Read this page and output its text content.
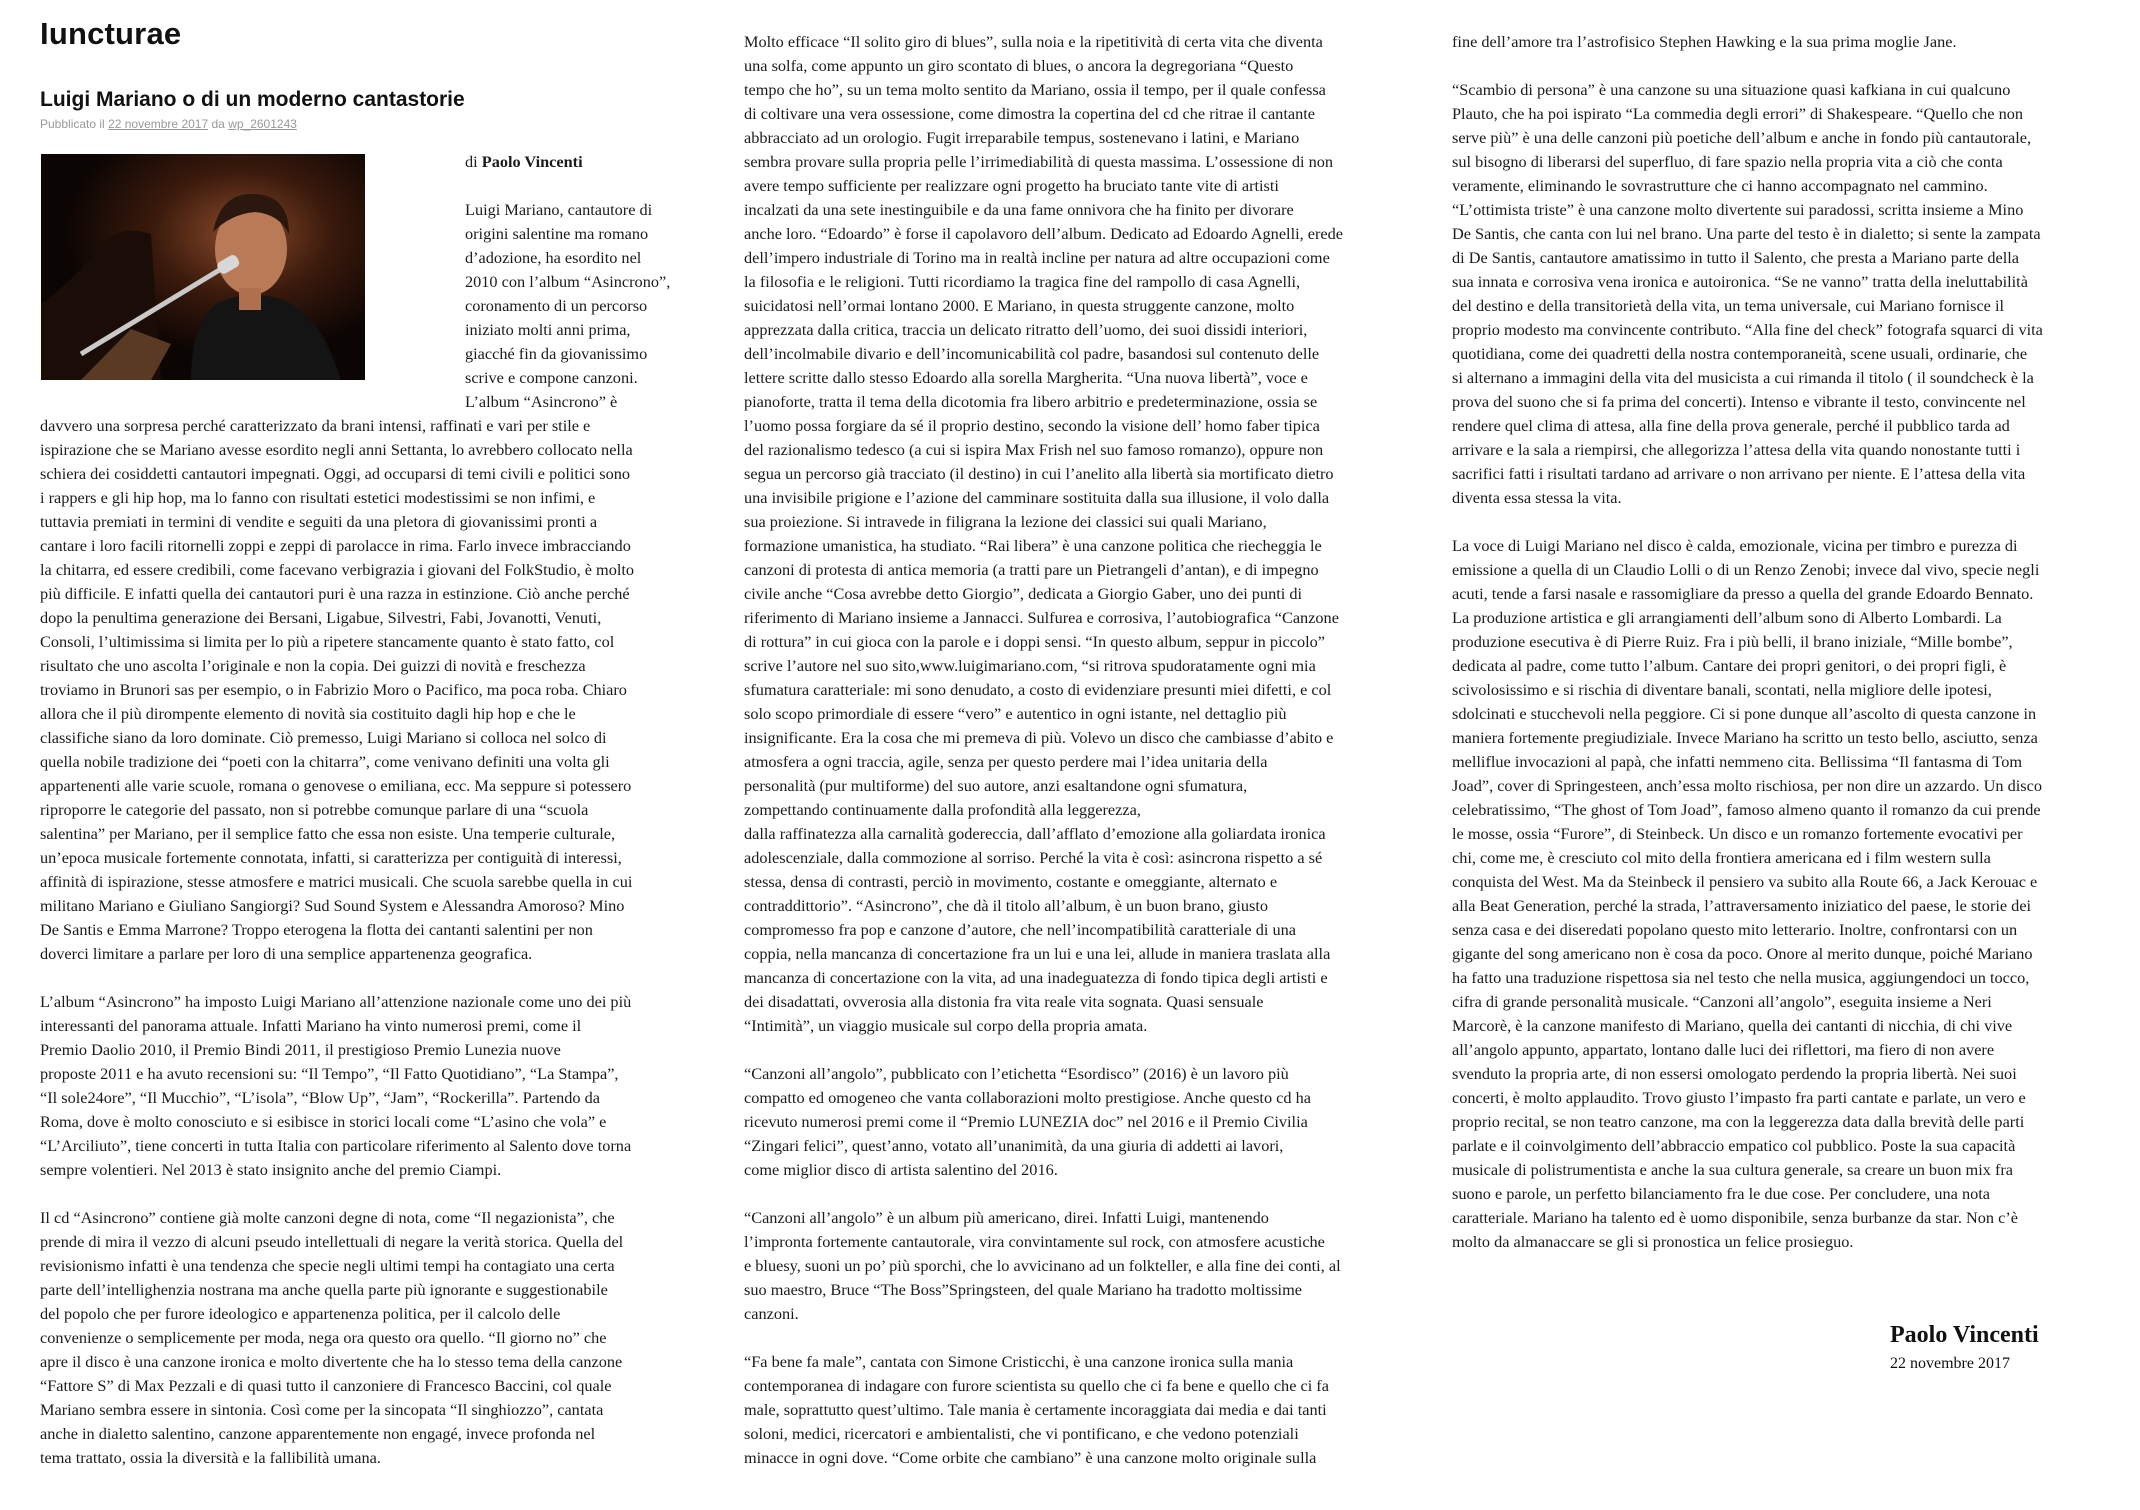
Iuncturae
Luigi Mariano o di un moderno cantastorie
Pubblicato il 22 novembre 2017 da wp_2601243

di Paolo Vincenti

Luigi Mariano, cantautore di

origini salentine ma romano

d’adozione, ha esordito nel

2010 con l’album “Asincrono”,

coronamento di un percorso

iniziato molti anni prima,

giacché fin da giovanissimo

scrive e compone canzoni.

L’album “Asincrono” è

davvero una sorpresa perché caratterizzato da brani intensi, raffinati e vari per stile e

ispirazione che se Mariano avesse esordito negli anni Settanta, lo avrebbero collocato nella

schiera dei cosiddetti cantautori impegnati. Oggi, ad occuparsi di temi civili e politici sono

i rappers e gli hip hop, ma lo fanno con risultati estetici modestissimi se non infimi, e

tuttavia premiati in termini di vendite e seguiti da una pletora di giovanissimi pronti a

cantare i loro facili ritornelli zoppi e zeppi di parolacce in rima. Farlo invece imbracciando

la chitarra, ed essere credibili, come facevano verbigrazia i giovani del FolkStudio, è molto

più difficile. E infatti quella dei cantautori puri è una razza in estinzione. Ciò anche perché

dopo la penultima generazione dei Bersani, Ligabue, Silvestri, Fabi, Jovanotti, Venuti,

Consoli, l’ultimissima si limita per lo più a ripetere stancamente quanto è stato fatto, col

risultato che uno ascolta l’originale e non la copia. Dei guizzi di novità e freschezza

troviamo in Brunori sas per esempio, o in Fabrizio Moro o Pacifico, ma poca roba. Chiaro

allora che il più dirompente elemento di novità sia costituito dagli hip hop e che le

classifiche siano da loro dominate. Ciò premesso, Luigi Mariano si colloca nel solco di

quella nobile tradizione dei “poeti con la chitarra”, come venivano definiti una volta gli

appartenenti alle varie scuole, romana o genovese o emiliana, ecc. Ma seppure si potessero

riproporre le categorie del passato, non si potrebbe comunque parlare di una “scuola

salentina” per Mariano, per il semplice fatto che essa non esiste. Una temperie culturale,

un’epoca musicale fortemente connotata, infatti, si caratterizza per contiguità di interessi,

affinità di ispirazione, stesse atmosfere e matrici musicali. Che scuola sarebbe quella in cui

militano Mariano e Giuliano Sangiorgi? Sud Sound System e Alessandra Amoroso? Mino

De Santis e Emma Marrone? Troppo eterogena la flotta dei cantanti salentini per non

doverci limitare a parlare per loro di una semplice appartenenza geografica.

L’album “Asincrono” ha imposto Luigi Mariano all’attenzione nazionale come uno dei più

interessanti del panorama attuale. Infatti Mariano ha vinto numerosi premi, come il

Premio Daolio 2010, il Premio Bindi 2011, il prestigioso Premio Lunezia nuove

proposte 2011 e ha avuto recensioni su: “Il Tempo”, “Il Fatto Quotidiano”, “La Stampa”,

“Il sole24ore”, “Il Mucchio”, “L’isola”, “Blow Up”, “Jam”, “Rockerilla”. Partendo da

Roma, dove è molto conosciuto e si esibisce in storici locali come “L’asino che vola” e

“L’Arciliuto”, tiene concerti in tutta Italia con particolare riferimento al Salento dove torna

sempre volentieri. Nel 2013 è stato insignito anche del premio Ciampi.

Il cd “Asincrono” contiene già molte canzoni degne di nota, come “Il negazionista”, che

prende di mira il vezzo di alcuni pseudo intellettuali di negare la verità storica. Quella del

revisionismo infatti è una tendenza che specie negli ultimi tempi ha contagiato una certa

parte dell’intellighenzia nostrana ma anche quella parte più ignorante e suggestionabile

del popolo che per furore ideologico e appartenenza politica, per il calcolo delle

convenienze o semplicemente per moda, nega ora questo ora quello. “Il giorno no” che

apre il disco è una canzone ironica e molto divertente che ha lo stesso tema della canzone

“Fattore S” di Max Pezzali e di quasi tutto il canzoniere di Francesco Baccini, col quale

Mariano sembra essere in sintonia. Così come per la sincopata “Il singhiozzo”, cantata

anche in dialetto salentino, canzone apparentemente non engagé, invece profonda nel

tema trattato, ossia la diversità e la fallibilità umana.

Molto efficace “Il solito giro di blues”, sulla noia e la ripetitività di certa vita che diventa

una solfa, come appunto un giro scontato di blues, o ancora la degregoriana “Questo

tempo che ho”, su un tema molto sentito da Mariano, ossia il tempo, per il quale confessa

di coltivare una vera ossessione, come dimostra la copertina del cd che ritrae il cantante

abbracciato ad un orologio. Fugit irreparabile tempus, sostenevano i latini, e Mariano

sembra provare sulla propria pelle l’irrimediabilità di questa massima. L’ossessione di non

avere tempo sufficiente per realizzare ogni progetto ha bruciato tante vite di artisti

incalzati da una sete inestinguibile e da una fame onnivora che ha finito per divorare

anche loro. “Edoardo” è forse il capolavoro dell’album. Dedicato ad Edoardo Agnelli, erede

dell’impero industriale di Torino ma in realtà incline per natura ad altre occupazioni come

la filosofia e le religioni. Tutti ricordiamo la tragica fine del rampollo di casa Agnelli,

suicidatosi nell’ormai lontano 2000. E Mariano, in questa struggente canzone, molto

apprezzata dalla critica, traccia un delicato ritratto dell’uomo, dei suoi dissidi interiori,

dell’incolmabile divario e dell’incomunicabilità col padre, basandosi sul contenuto delle

lettere scritte dallo stesso Edoardo alla sorella Margherita. “Una nuova libertà”, voce e

pianoforte, tratta il tema della dicotomia fra libero arbitrio e predeterminazione, ossia se

l’uomo possa forgiare da sé il proprio destino, secondo la visione dell’ homo faber tipica

del razionalismo tedesco (a cui si ispira Max Frish nel suo famoso romanzo), oppure non

segua un percorso già tracciato (il destino) in cui l’anelito alla libertà sia mortificato dietro

una invisibile prigione e l’azione del camminare sostituita dalla sua illusione, il volo dalla

sua proiezione. Si intravede in filigrana la lezione dei classici sui quali Mariano,

formazione umanistica, ha studiato. “Rai libera” è una canzone politica che riecheggia le

canzoni di protesta di antica memoria (a tratti pare un Pietrangeli d’antan), e di impegno

civile anche “Cosa avrebbe detto Giorgio”, dedicata a Giorgio Gaber, uno dei punti di

riferimento di Mariano insieme a Jannacci. Sulfurea e corrosiva, l’autobiografica “Canzone

di rottura” in cui gioca con la parole e i doppi sensi. “In questo album, seppur in piccolo”

scrive l’autore nel suo sito,www.luigimariano.com, “si ritrova spudoratamente ogni mia

sfumatura caratteriale: mi sono denudato, a costo di evidenziare presunti miei difetti, e col

solo scopo primordiale di essere “vero” e autentico in ogni istante, nel dettaglio più

insignificante. Era la cosa che mi premeva di più. Volevo un disco che cambiasse d’abito e

atmosfera a ogni traccia, agile, senza per questo perdere mai l’idea unitaria della

personalità (pur multiforme) del suo autore, anzi esaltandone ogni sfumatura,

zompettando continuamente dalla profondità alla leggerezza,

dalla raffinatezza alla carnalità godereccia, dall’afflato d’emozione alla goliardata ironica

adolescenziale, dalla commozione al sorriso. Perché la vita è così: asincrona rispetto a sé

stessa, densa di contrasti, perciò in movimento, costante e omeggiante, alternato e

contraddittorio”. “Asincrono”, che dà il titolo all’album, è un buon brano, giusto

compromesso fra pop e canzone d’autore, che nell’incompatibilità caratteriale di una

coppia, nella mancanza di concertazione fra un lui e una lei, allude in maniera traslata alla

mancanza di concertazione con la vita, ad una inadeguatezza di fondo tipica degli artisti e

dei disadattati, ovverosia alla distonia fra vita reale vita sognata. Quasi sensuale

“Intimità”, un viaggio musicale sul corpo della propria amata.

“Canzoni all’angolo”, pubblicato con l’etichetta “Esordisco” (2016) è un lavoro più

compatto ed omogeneo che vanta collaborazioni molto prestigiose. Anche questo cd ha

ricevuto numerosi premi come il “Premio LUNEZIA doc” nel 2016 e il Premio Civilia

“Zingari felici”, quest’anno, votato all’unanimità, da una giuria di addetti ai lavori,

come miglior disco di artista salentino del 2016.

“Canzoni all’angolo” è un album più americano, direi. Infatti Luigi, mantenendo

l’impronta fortemente cantautorale, vira convintamente sul rock, con atmosfere acustiche

e bluesy, suoni un po’ più sporchi, che lo avvicinano ad un folkteller, e alla fine dei conti, al

suo maestro, Bruce “The Boss”Springsteen, del quale Mariano ha tradotto moltissime

canzoni.

“Fa bene fa male”, cantata con Simone Cristicchi, è una canzone ironica sulla mania

contemporanea di indagare con furore scientista su quello che ci fa bene e quello che ci fa

male, soprattutto quest’ultimo. Tale mania è certamente incoraggiata dai media e dai tanti

soloni, medici, ricercatori e ambientalisti, che vi pontificano, e che vedono potenziali

minacce in ogni dove. “Come orbite che cambiano” è una canzone molto originale sulla

fine dell’amore tra l’astrofisico Stephen Hawking e la sua prima moglie Jane.

“Scambio di persona” è una canzone su una situazione quasi kafkiana in cui qualcuno

Plauto, che ha poi ispirato “La commedia degli errori” di Shakespeare. “Quello che non

serve più” è una delle canzoni più poetiche dell’album e anche in fondo più cantautorale,

sul bisogno di liberarsi del superfluo, di fare spazio nella propria vita a ciò che conta

veramente, eliminando le sovrastrutture che ci hanno accompagnato nel cammino.

“L’ottimista triste” è una canzone molto divertente sui paradossi, scritta insieme a Mino

De Santis, che canta con lui nel brano. Una parte del testo è in dialetto; si sente la zampata

di De Santis, cantautore amatissimo in tutto il Salento, che presta a Mariano parte della

sua innata e corrosiva vena ironica e autoironica. “Se ne vanno” tratta della ineluttabilità

del destino e della transitorietà della vita, un tema universale, cui Mariano fornisce il

proprio modesto ma convincente contributo. “Alla fine del check” fotografa squarci di vita

quotidiana, come dei quadretti della nostra contemporaneità, scene usuali, ordinarie, che

si alternano a immagini della vita del musicista a cui rimanda il titolo ( il soundcheck è la

prova del suono che si fa prima del concerti). Intenso e vibrante il testo, convincente nel

rendere quel clima di attesa, alla fine della prova generale, perché il pubblico tarda ad

arrivare e la sala a riempirsi, che allegorizza l’attesa della vita quando nonostante tutti i

sacrifici fatti i risultati tardano ad arrivare o non arrivano per niente. E l’attesa della vita

diventa essa stessa la vita.

La voce di Luigi Mariano nel disco è calda, emozionale, vicina per timbro e purezza di

emissione a quella di un Claudio Lolli o di un Renzo Zenobi; invece dal vivo, specie negli

acuti, tende a farsi nasale e rassomigliare da presso a quella del grande Edoardo Bennato.

La produzione artistica e gli arrangiamenti dell’album sono di Alberto Lombardi. La

produzione esecutiva è di Pierre Ruiz. Fra i più belli, il brano iniziale, “Mille bombe”,

dedicata al padre, come tutto l’album. Cantare dei propri genitori, o dei propri figli, è

scivolosissimo e si rischia di diventare banali, scontati, nella migliore delle ipotesi,

sdolcinati e stucchevoli nella peggiore. Ci si pone dunque all’ascolto di questa canzone in

maniera fortemente pregiudiziale. Invece Mariano ha scritto un testo bello, asciutto, senza

mellifluе invocazioni al papà, che infatti nemmeno cita. Bellissima “Il fantasma di Tom

Joad”, cover di Springesteen, anch’essa molto rischiosa, per non dire un azzardo. Un disco

celebratissimo, “The ghost of Tom Joad”, famoso almeno quanto il romanzo da cui prende

le mosse, ossia “Furore”, di Steinbeck. Un disco e un romanzo fortemente evocativi per

chi, come me, è cresciuto col mito della frontiera americana ed i film western sulla

conquista del West. Ma da Steinbeck il pensiero va subito alla Route 66, a Jack Kerouac e

alla Beat Generation, perché la strada, l’attraversamento iniziatico del paese, le storie dei

senza casa e dei diseredati popolano questo mito letterario. Inoltre, confrontarsi con un

gigante del song americano non è cosa da poco. Onore al merito dunque, poiché Mariano

ha fatto una traduzione rispettosa sia nel testo che nella musica, aggiungendoci un tocco,

cifra di grande personalità musicale. “Canzoni all’angolo”, eseguita insieme a Neri

Marcorè, è la canzone manifesto di Mariano, quella dei cantanti di nicchia, di chi vive

all’angolo appunto, appartato, lontano dalle luci dei riflettori, ma fiero di non avere

svenduto la propria arte, di non essersi omologato perdendo la propria libertà. Nei suoi

concerti, è molto applaudito. Trovo giusto l’impasto fra parti cantate e parlate, un vero e

proprio recital, se non teatro canzone, ma con la leggerezza data dalla brevità delle parti

parlate e il coinvolgimento dell’abbraccio empatico col pubblico. Poste la sua capacità

musicale di polistrumentista e anche la sua cultura generale, sa creare un buon mix fra

suono e parole, un perfetto bilanciamento fra le due cose. Per concludere, una nota

caratteriale. Mariano ha talento ed è uomo disponibile, senza burbanze da star. Non c’è

molto da almanaccare se gli si pronostica un felice prosieguo.

Paolo Vincenti
22 novembre 2017
